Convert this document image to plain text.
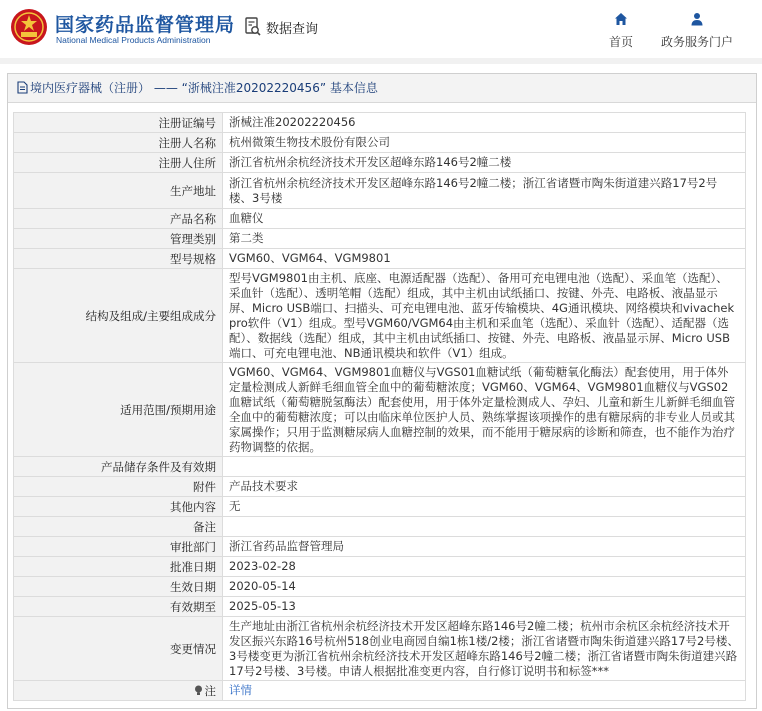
国家药品监督管理局
National Medical Products Administration
数据查询
首页	政务服务门户
境内医疗器械（注册） —— “浙械注准20202220456” 基本信息
注册证编号	浙械注准20202220456
注册人名称	杭州微策生物技术股份有限公司
注册人住所	浙江省杭州余杭经济技术开发区超峰东路146号2幢二楼
生产地址	浙江省杭州余杭经济技术开发区超峰东路146号2幢二楼；浙江省诸暨市陶朱街道建兴路17号2号楼、3号楼
产品名称	血糖仪
管理类别	第二类
型号规格	VGM60、VGM64、VGM9801
结构及组成/主要组成成分	型号VGM9801由主机、底座、电源适配器（选配）、备用可充电锂电池（选配）、采血笔（选配）、采血针（选配）、透明笔帽（选配）组成，其中主机由试纸插口、按键、外壳、电路板、液晶显示屏、Micro USB端口、扫描头、可充电锂电池、蓝牙传输模块、4G通讯模块、网络模块和vivachek pro软件（V1）组成。型号VGM60/VGM64由主机和采血笔（选配）、采血针（选配）、适配器（选配）、数据线（选配）组成，其中主机由试纸插口、按键、外壳、电路板、液晶显示屏、Micro USB端口、可充电锂电池、NB通讯模块和软件（V1）组成。
适用范围/预期用途	VGM60、VGM64、VGM9801血糖仪与VGS01血糖试纸（葡萄糖氧化酶法）配套使用，用于体外定量检测成人新鲜毛细血管全血中的葡萄糖浓度；VGM60、VGM64、VGM9801血糖仪与VGS02血糖试纸（葡萄糖脱氢酶法）配套使用，用于体外定量检测成人、孕妇、儿童和新生儿新鲜毛细血管全血中的葡萄糖浓度；可以由临床单位医护人员、熟练掌握该项操作的患有糖尿病的非专业人员或其家属操作；只用于监测糖尿病人血糖控制的效果，而不能用于糖尿病的诊断和筛查，也不能作为治疗药物调整的依据。
产品储存条件及有效期	
附件	产品技术要求
其他内容	无
备注	
审批部门	浙江省药品监督管理局
批准日期	2023-02-28
生效日期	2020-05-14
有效期至	2025-05-13
变更情况	生产地址由浙江省杭州余杭经济技术开发区超峰东路146号2幢二楼；杭州市余杭区余杭经济技术开发区振兴东路16号杭州518创业电商园自编1栋1楼/2楼；浙江省诸暨市陶朱街道建兴路17号2号楼、3号楼变更为浙江省杭州余杭经济技术开发区超峰东路146号2幢二楼；浙江省诸暨市陶朱街道建兴路17号2号楼、3号楼。申请人根据批准变更内容，自行修订说明书和标签***
注	详情
